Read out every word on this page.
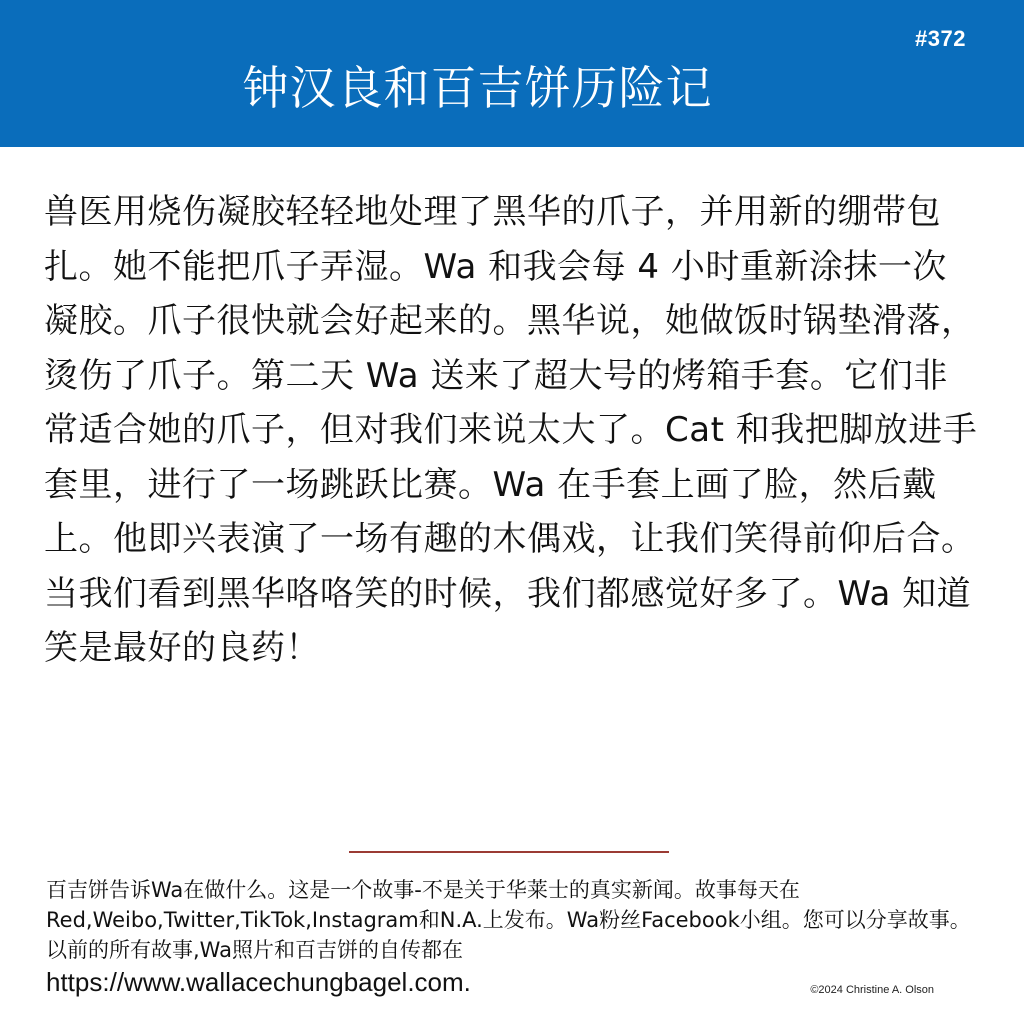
#372
钟汉良和百吉饼历险记
兽医用烧伤凝胶轻轻地处理了黑华的爪子，并用新的绷带包扎。她不能把爪子弄湿。Wa 和我会每 4 小时重新涂抹一次凝胶。爪子很快就会好起来的。黑华说，她做饭时锅垫滑落，烫伤了爪子。第二天 Wa 送来了超大号的烤箱手套。它们非常适合她的爪子，但对我们来说太大了。Cat 和我把脚放进手套里，进行了一场跳跃比赛。Wa 在手套上画了脸，然后戴上。他即兴表演了一场有趣的木偶戏，让我们笑得前仰后合。当我们看到黑华咯咯笑的时候，我们都感觉好多了。Wa 知道笑是最好的良药！
百吉饼告诉Wa在做什么。这是一个故事-不是关于华莱士的真实新闻。故事每天在Red,Weibo,Twitter,TikTok,Instagram和N.A.上发布。Wa粉丝Facebook小组。您可以分享故事。以前的所有故事,Wa照片和百吉饼的自传都在
https://www.wallacechungbagel.com.	©2024 Christine A. Olson
